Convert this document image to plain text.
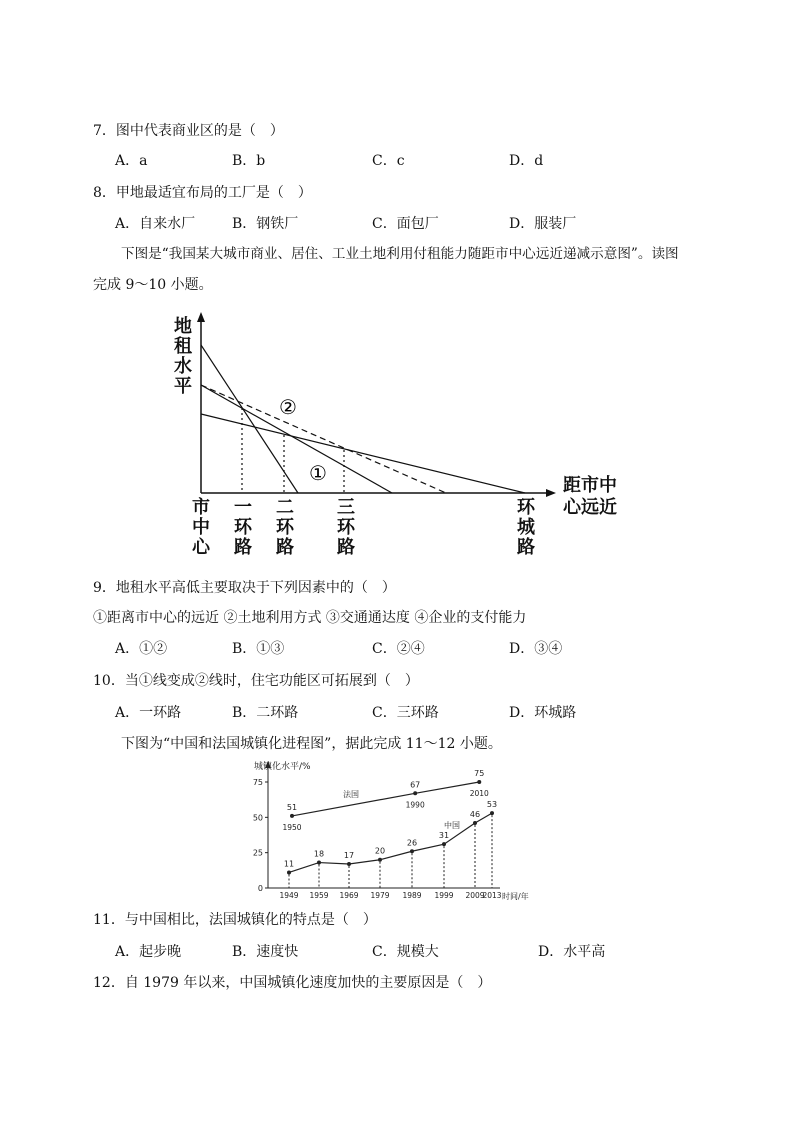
7．图中代表商业区的是（　）
A．a	B．b	C．c	D．d
8．甲地最适宜布局的工厂是（　）
A．自来水厂	B．钢铁厂	C．面包厂	D．服装厂
下图是“我国某大城市商业、居住、工业土地利用付租能力随距市中心远近递减示意图”。读图
完成 9～10 小题。
②
①
地
租
水
平
距市中
心远近
市
中
心
一
环
路
二
环
路
三
环
路
环
城
路
9．地租水平高低主要取决于下列因素中的（　）
①距离市中心的远近 ②土地利用方式 ③交通通达度 ④企业的支付能力
A．①②	B．①③	C．②④	D．③④
10．当①线变成②线时，住宅功能区可拓展到（　）
A．一环路	B．二环路	C．三环路	D．环城路
下图为“中国和法国城镇化进程图”，据此完成 11～12 小题。
城镇化水平/%
时间/年
0
25
50
75
1949 1959 1969 1979 1989 1999 2009
2013
51
1950
67
1990
75
2010
11
18 17	20
26
31
46
53
法国
中国
11．与中国相比，法国城镇化的特点是（　）
A．起步晚	B．速度快	C．规模大	D．水平高
12．自 1979 年以来，中国城镇化速度加快的主要原因是（　）
